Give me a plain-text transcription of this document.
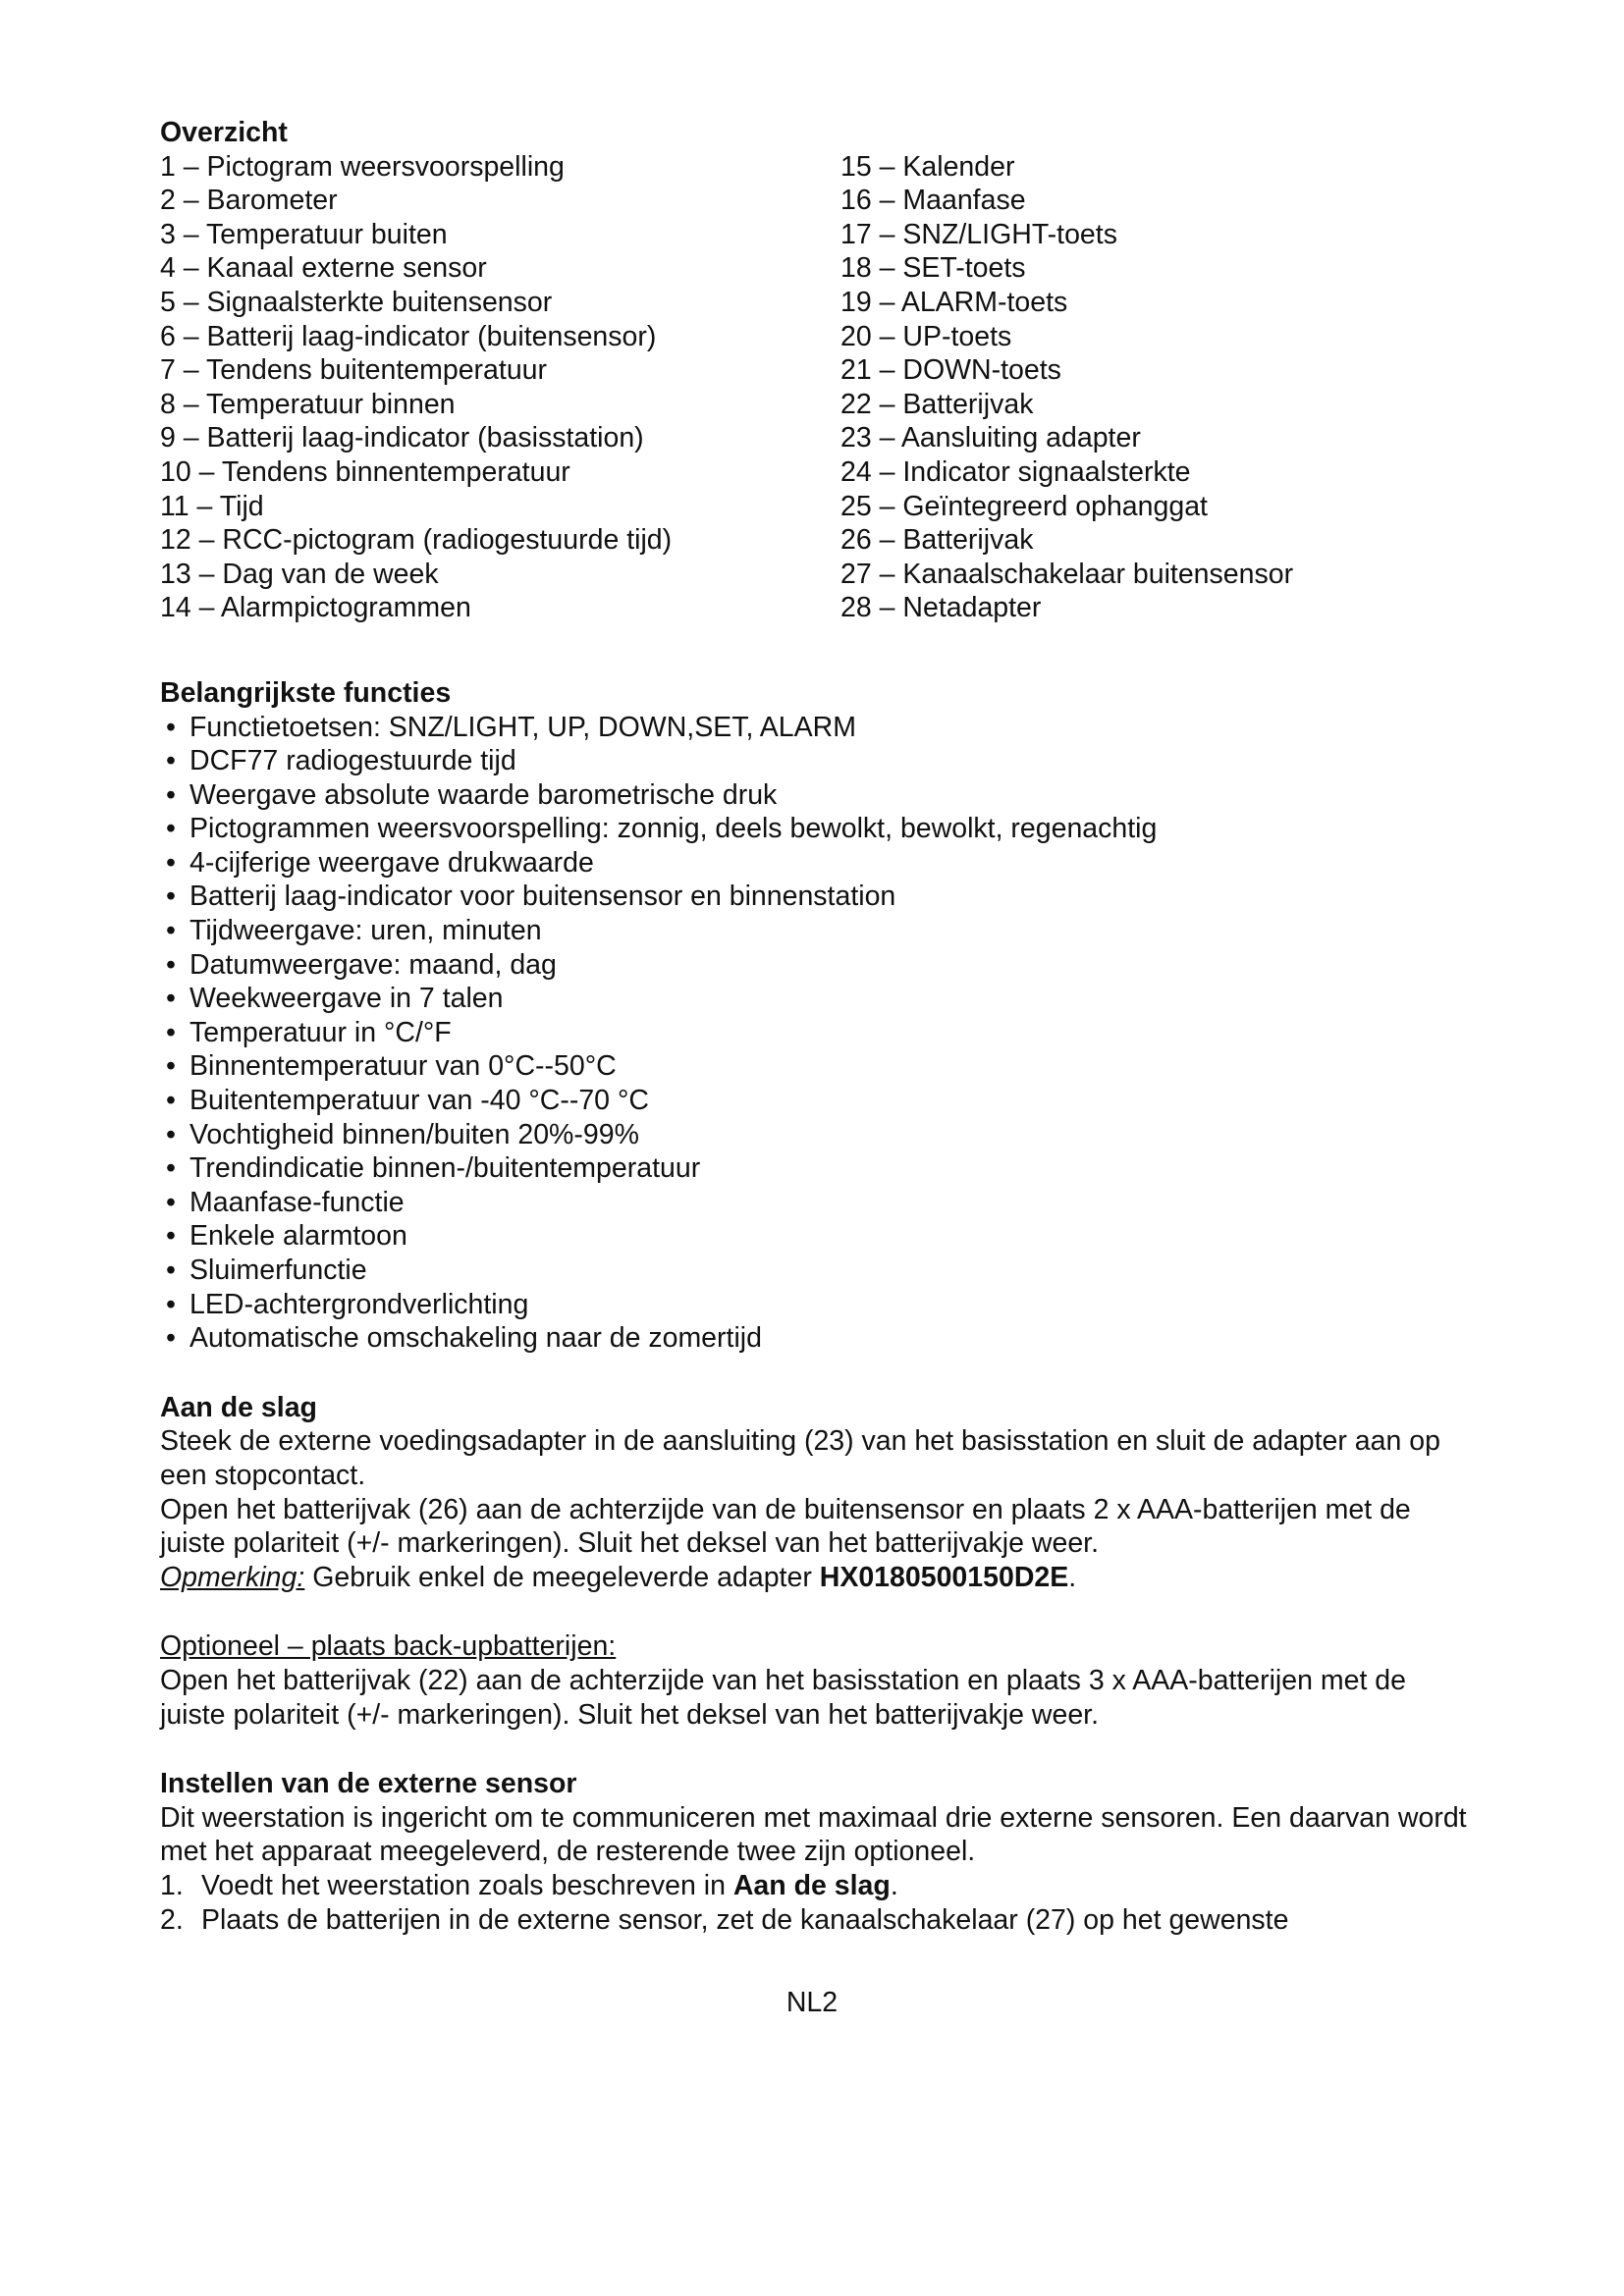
Overzicht
1 – Pictogram weersvoorspelling
2 – Barometer
3 – Temperatuur buiten
4 – Kanaal externe sensor
5 – Signaalsterkte buitensensor
6 – Batterij laag-indicator (buitensensor)
7 – Tendens buitentemperatuur
8 – Temperatuur binnen
9 – Batterij laag-indicator (basisstation)
10 – Tendens binnentemperatuur
11 – Tijd
12 – RCC-pictogram (radiogestuurde tijd)
13 – Dag van de week
14 – Alarmpictogrammen
15 – Kalender
16 – Maanfase
17 – SNZ/LIGHT-toets
18 – SET-toets
19 – ALARM-toets
20 – UP-toets
21 – DOWN-toets
22 – Batterijvak
23 – Aansluiting adapter
24 – Indicator signaalsterkte
25 – Geïntegreerd ophanggat
26 – Batterijvak
27 – Kanaalschakelaar buitensensor
28 – Netadapter
Belangrijkste functies
• Functietoetsen: SNZ/LIGHT, UP, DOWN,SET, ALARM
• DCF77 radiogestuurde tijd
• Weergave absolute waarde barometrische druk
• Pictogrammen weersvoorspelling: zonnig, deels bewolkt, bewolkt, regenachtig
• 4-cijferige weergave drukwaarde
• Batterij laag-indicator voor buitensensor en binnenstation
• Tijdweergave: uren, minuten
• Datumweergave: maand, dag
• Weekweergave in 7 talen
• Temperatuur in °C/°F
• Binnentemperatuur van 0°C--50°C
• Buitentemperatuur van -40 °C--70 °C
• Vochtigheid binnen/buiten 20%-99%
• Trendindicatie binnen-/buitentemperatuur
• Maanfase-functie
• Enkele alarmtoon
• Sluimerfunctie
• LED-achtergrondverlichting
• Automatische omschakeling naar de zomertijd
Aan de slag

Steek de externe voedingsadapter in de aansluiting (23) van het basisstation en sluit de adapter aan op een stopcontact.

Open het batterijvak (26) aan de achterzijde van de buitensensor en plaats 2 x AAA-batterijen met de juiste polariteit (+/- markeringen). Sluit het deksel van het batterijvakje weer.

Opmerking: Gebruik enkel de meegeleverde adapter HX0180500150D2E.

Optioneel – plaats back-upbatterijen:

Open het batterijvak (22) aan de achterzijde van het basisstation en plaats 3 x AAA-batterijen met de juiste polariteit (+/- markeringen). Sluit het deksel van het batterijvakje weer.

Instellen van de externe sensor

Dit weerstation is ingericht om te communiceren met maximaal drie externe sensoren. Een daarvan wordt met het apparaat meegeleverd, de resterende twee zijn optioneel.

1. Voedt het weerstation zoals beschreven in Aan de slag.
2. Plaats de batterijen in de externe sensor, zet de kanaalschakelaar (27) op het gewenste
NL2
